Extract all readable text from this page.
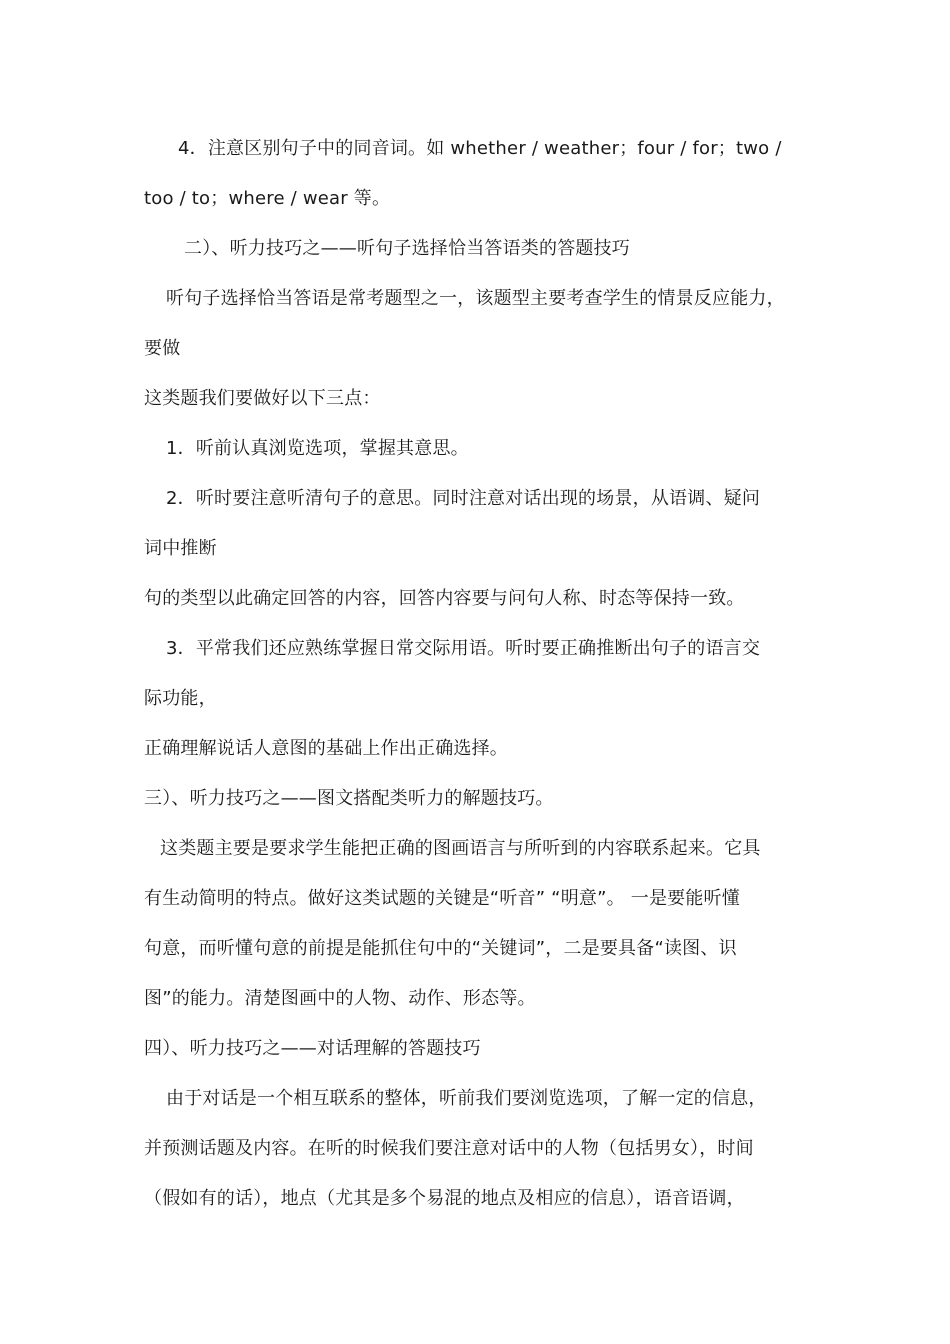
4．注意区别句子中的同音词。如 whether / weather；four / for；two /
too / to；where / wear 等。
二）、听力技巧之——听句子选择恰当答语类的答题技巧
听句子选择恰当答语是常考题型之一，该题型主要考查学生的情景反应能力，
要做
这类题我们要做好以下三点：
1．听前认真浏览选项，掌握其意思。
2．听时要注意听清句子的意思。同时注意对话出现的场景，从语调、疑问
词中推断
句的类型以此确定回答的内容，回答内容要与问句人称、时态等保持一致。
3．平常我们还应熟练掌握日常交际用语。听时要正确推断出句子的语言交
际功能，
正确理解说话人意图的基础上作出正确选择。
三）、听力技巧之——图文搭配类听力的解题技巧。
这类题主要是要求学生能把正确的图画语言与所听到的内容联系起来。它具
有生动简明的特点。做好这类试题的关键是“听音” “明意”。 一是要能听懂
句意，而听懂句意的前提是能抓住句中的“关键词”，二是要具备“读图、识
图”的能力。清楚图画中的人物、动作、形态等。
四）、听力技巧之——对话理解的答题技巧
由于对话是一个相互联系的整体，听前我们要浏览选项，了解一定的信息，
并预测话题及内容。在听的时候我们要注意对话中的人物（包括男女），时间
（假如有的话），地点（尤其是多个易混的地点及相应的信息），语音语调，
